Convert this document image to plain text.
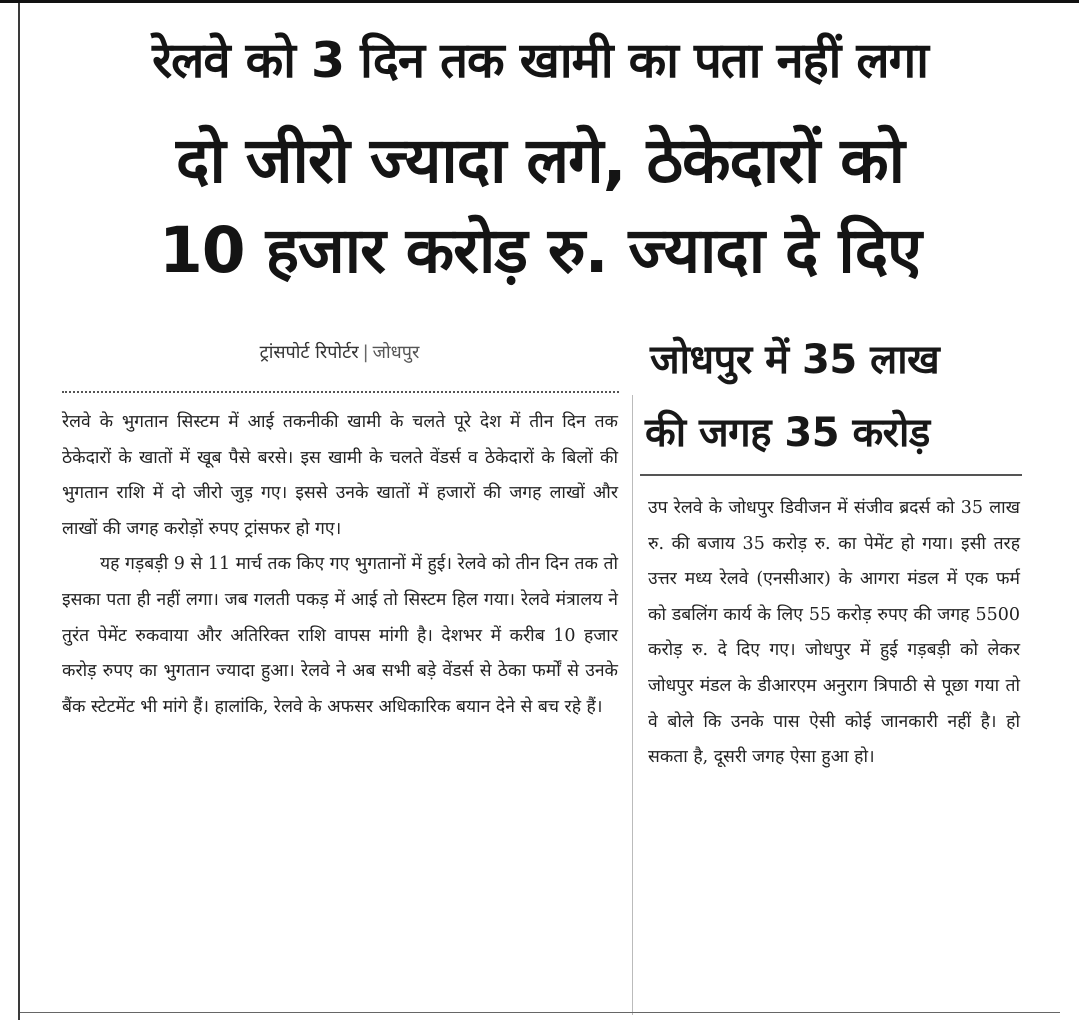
रेलवे को 3 दिन तक खामी का पता नहीं लगा
दो जीरो ज्यादा लगे, ठेकेदारों को
10 हजार करोड़ रु. ज्यादा दे दिए
ट्रांसपोर्ट रिपोर्टर | जोधपुर	जोधपुर में 35 लाख
की जगह 35 करोड़

रेलवे के भुगतान सिस्टम में आई तकनीकी खामी के चलते पूरे देश में तीन दिन तक ठेकेदारों के खातों में खूब पैसे बरसे। इस खामी के चलते वेंडर्स व ठेकेदारों के बिलों की भुगतान राशि में दो जीरो जुड़ गए। इससे उनके खातों में हजारों की जगह लाखों और लाखों की जगह करोड़ों रुपए ट्रांसफर हो गए।

यह गड़बड़ी 9 से 11 मार्च तक किए गए भुगतानों में हुई। रेलवे को तीन दिन तक तो इसका पता ही नहीं लगा। जब गलती पकड़ में आई तो सिस्टम हिल गया। रेलवे मंत्रालय ने तुरंत पेमेंट रुकवाया और अतिरिक्त राशि वापस मांगी है। देशभर में करीब 10 हजार करोड़ रुपए का भुगतान ज्यादा हुआ। रेलवे ने अब सभी बड़े वेंडर्स से ठेका फर्मों से उनके बैंक स्टेटमेंट भी मांगे हैं। हालांकि, रेलवे के अफसर अधिकारिक बयान देने से बच रहे हैं।

उप रेलवे के जोधपुर डिवीजन में संजीव ब्रदर्स को 35 लाख रु. की बजाय 35 करोड़ रु. का पेमेंट हो गया। इसी तरह उत्तर मध्य रेलवे (एनसीआर) के आगरा मंडल में एक फर्म को डबलिंग कार्य के लिए 55 करोड़ रुपए की जगह 5500 करोड़ रु. दे दिए गए। जोधपुर में हुई गड़बड़ी को लेकर जोधपुर मंडल के डीआरएम अनुराग त्रिपाठी से पूछा गया तो वे बोले कि उनके पास ऐसी कोई जानकारी नहीं है। हो सकता है, दूसरी जगह ऐसा हुआ हो।
